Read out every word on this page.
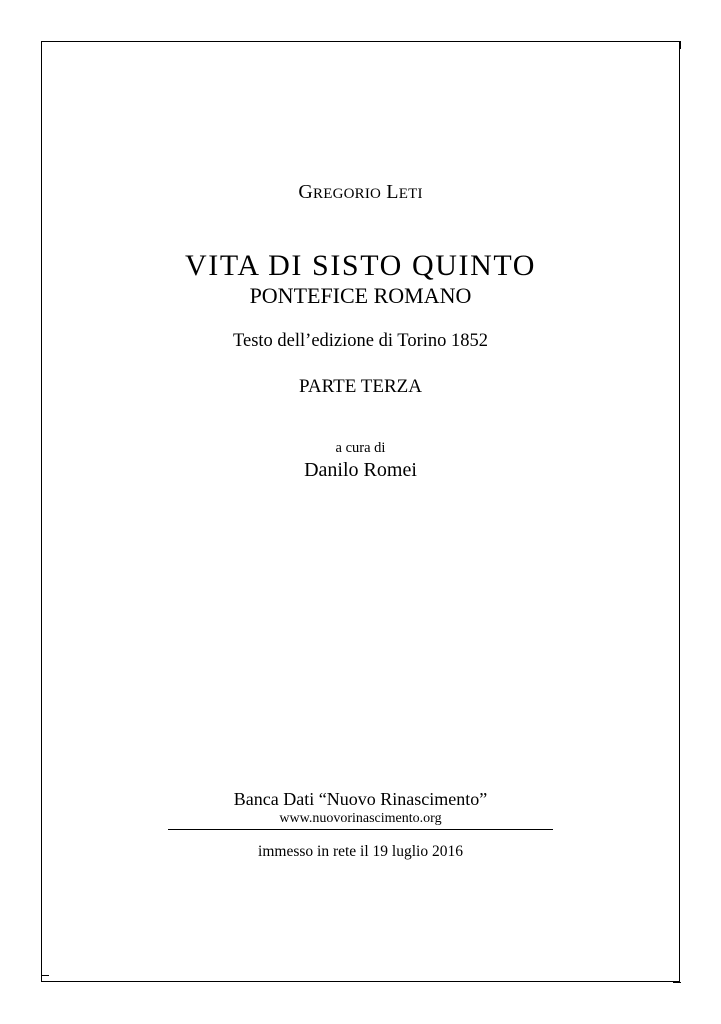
GREGORIO LETI
VITA DI SISTO QUINTO
PONTEFICE ROMANO
Testo dell’edizione di Torino 1852
PARTE TERZA
a cura di
Danilo Romei
Banca Dati “Nuovo Rinascimento”
www.nuovorinascimento.org
immesso in rete il 19 luglio 2016
